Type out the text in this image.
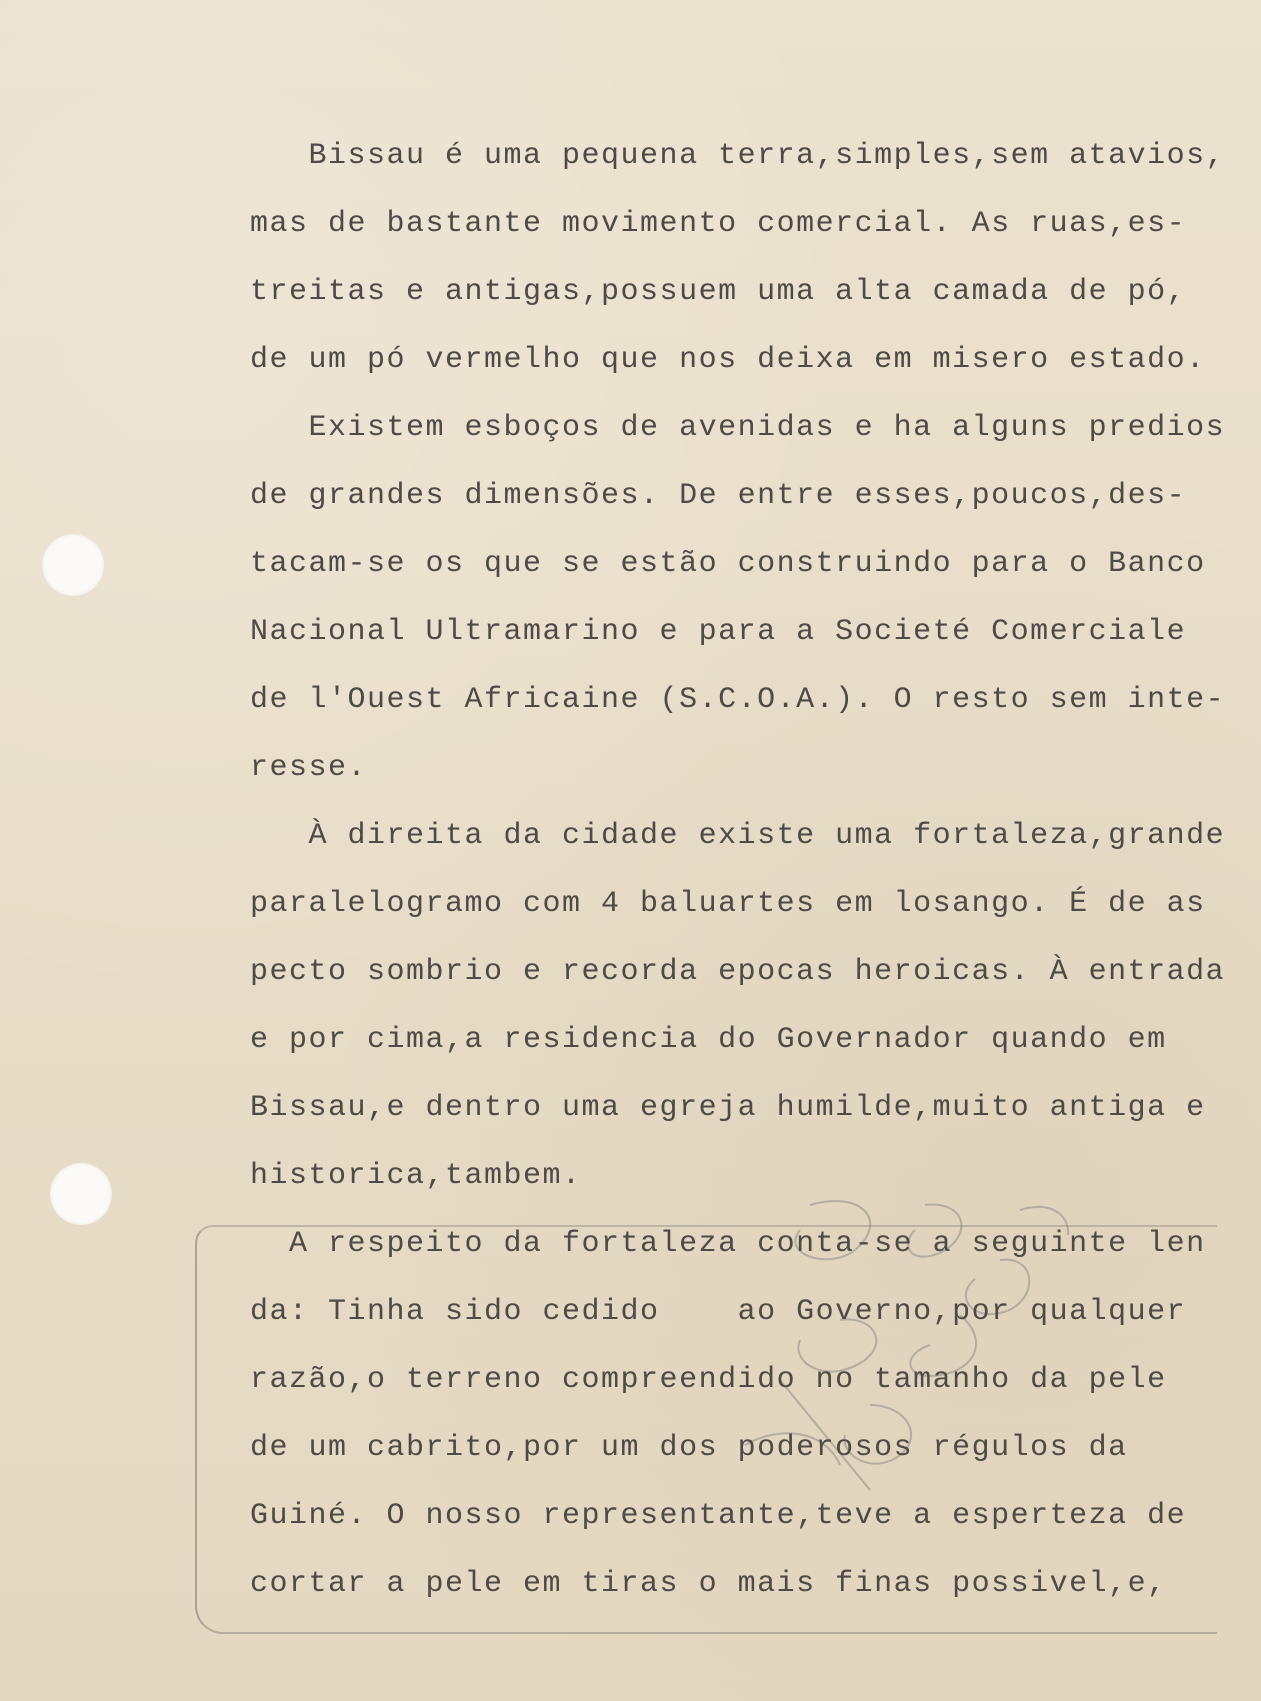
Bissau é uma pequena terra,simples,sem atavios,
mas de bastante movimento comercial. As ruas,es-
treitas e antigas,possuem uma alta camada de pó,
de um pó vermelho que nos deixa em misero estado.
Existem esboços de avenidas e ha alguns predios
de grandes dimensões. De entre esses,poucos,des-
tacam-se os que se estão construindo para o Banco
Nacional Ultramarino e para a Societé Comerciale
de l'Ouest Africaine (S.C.O.A.). O resto sem inte-
resse.
À direita da cidade existe uma fortaleza,grande
paralelogramo com 4 baluartes em losango. É de as
pecto sombrio e recorda epocas heroicas. À entrada
e por cima,a residencia do Governador quando em
Bissau,e dentro uma egreja humilde,muito antiga e
historica,tambem.
A respeito da fortaleza conta-se a seguinte len
da: Tinha sido cedido    ao Governo,por qualquer
razão,o terreno compreendido no tamanho da pele
de um cabrito,por um dos poderosos régulos da
Guiné. O nosso representante,teve a esperteza de
cortar a pele em tiras o mais finas possivel,e,
